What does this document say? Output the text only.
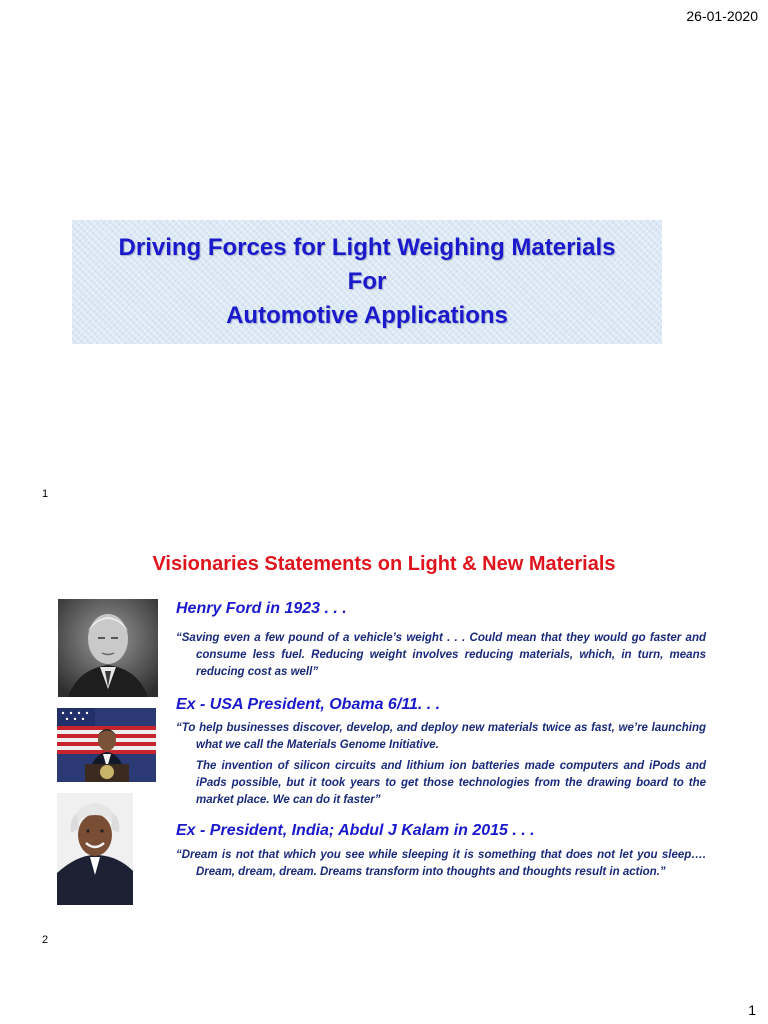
26-01-2020
Driving Forces for Light Weighing Materials
For
Automotive Applications
1
Visionaries Statements on Light & New Materials
Henry Ford in 1923 . . .
“Saving even a few pound of a vehicle’s weight . . . Could mean that they would go faster and consume less fuel. Reducing weight involves reducing materials, which, in turn, means reducing cost as well”
Ex - USA President, Obama 6/11. . .
“To help businesses discover, develop, and deploy new materials twice as fast, we’re launching what we call the Materials Genome Initiative.
The invention of silicon circuits and lithium ion batteries made computers and iPods and iPads possible, but it took years to get those technologies from the drawing board to the market place. We can do it faster”
Ex - President, India; Abdul J Kalam in 2015 . . .
“Dream is not that which you see while sleeping it is something that does not let you sleep…. Dream, dream, dream. Dreams transform into thoughts and thoughts result in action.”
2
1
